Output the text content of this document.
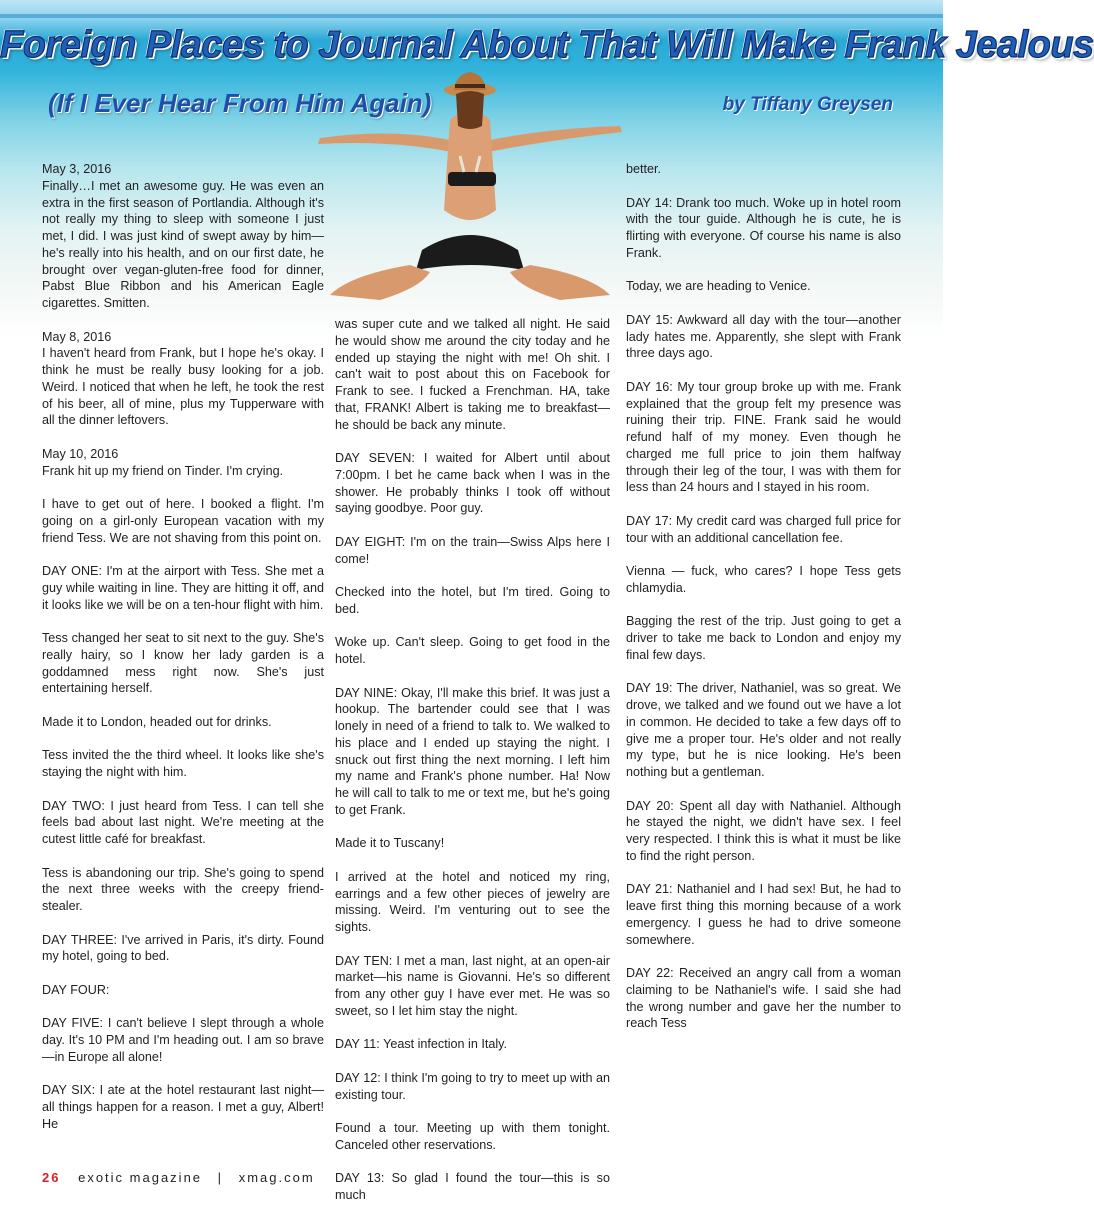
Foreign Places to Journal About That Will Make Frank Jealous
(If I Ever Hear From Him Again)	by Tiffany Greysen

May 3, 2016

Finally…I met an awesome guy. He was even an extra in the first season of Portlandia. Although it's not really my thing to sleep with someone I just met, I did. I was just kind of swept away by him—he's really into his health, and on our first date, he brought over vegan-gluten-free food for dinner, Pabst Blue Ribbon and his American Eagle cigarettes. Smitten.

May 8, 2016

I haven't heard from Frank, but I hope he's okay. I think he must be really busy looking for a job. Weird. I noticed that when he left, he took the rest of his beer, all of mine, plus my Tupperware with all the dinner leftovers.

May 10, 2016

Frank hit up my friend on Tinder. I'm crying.

I have to get out of here. I booked a flight. I'm going on a girl-only European vacation with my friend Tess. We are not shaving from this point on.

DAY ONE: I'm at the airport with Tess. She met a guy while waiting in line. They are hitting it off, and it looks like we will be on a ten-hour flight with him.

Tess changed her seat to sit next to the guy. She's really hairy, so I know her lady garden is a goddamned mess right now. She's just entertaining herself.

Made it to London, headed out for drinks.

Tess invited the the third wheel. It looks like she's staying the night with him.

DAY TWO: I just heard from Tess. I can tell she feels bad about last night. We're meeting at the cutest little café for breakfast.

Tess is abandoning our trip. She's going to spend the next three weeks with the creepy friend-stealer.

DAY THREE: I've arrived in Paris, it's dirty. Found my hotel, going to bed.

DAY FOUR:

DAY FIVE: I can't believe I slept through a whole day. It's 10 PM and I'm heading out. I am so brave—in Europe all alone!

DAY SIX: I ate at the hotel restaurant last night—all things happen for a reason. I met a guy, Albert! He

was super cute and we talked all night. He said he would show me around the city today and he ended up staying the night with me! Oh shit. I can't wait to post about this on Facebook for Frank to see. I fucked a Frenchman. HA, take that, FRANK! Albert is taking me to breakfast—he should be back any minute.

DAY SEVEN: I waited for Albert until about 7:00pm. I bet he came back when I was in the shower. He probably thinks I took off without saying goodbye. Poor guy.

DAY EIGHT: I'm on the train—Swiss Alps here I come!

Checked into the hotel, but I'm tired. Going to bed.

Woke up. Can't sleep. Going to get food in the hotel.

DAY NINE: Okay, I'll make this brief. It was just a hookup. The bartender could see that I was lonely in need of a friend to talk to. We walked to his place and I ended up staying the night. I snuck out first thing the next morning. I left him my name and Frank's phone number. Ha! Now he will call to talk to me or text me, but he's going to get Frank.

Made it to Tuscany!

I arrived at the hotel and noticed my ring, earrings and a few other pieces of jewelry are missing. Weird. I'm venturing out to see the sights.

DAY TEN: I met a man, last night, at an open-air market—his name is Giovanni. He's so different from any other guy I have ever met. He was so sweet, so I let him stay the night.

DAY 11: Yeast infection in Italy.

DAY 12: I think I'm going to try to meet up with an existing tour.

Found a tour. Meeting up with them tonight. Canceled other reservations.

DAY 13: So glad I found the tour—this is so much

better.

DAY 14: Drank too much. Woke up in hotel room with the tour guide. Although he is cute, he is flirting with everyone. Of course his name is also Frank.

Today, we are heading to Venice.

DAY 15: Awkward all day with the tour—another lady hates me. Apparently, she slept with Frank three days ago.

DAY 16: My tour group broke up with me. Frank explained that the group felt my presence was ruining their trip. FINE. Frank said he would refund half of my money. Even though he charged me full price to join them halfway through their leg of the tour, I was with them for less than 24 hours and I stayed in his room.

DAY 17: My credit card was charged full price for tour with an additional cancellation fee.

Vienna — fuck, who cares? I hope Tess gets chlamydia.

Bagging the rest of the trip. Just going to get a driver to take me back to London and enjoy my final few days.

DAY 19: The driver, Nathaniel, was so great. We drove, we talked and we found out we have a lot in common. He decided to take a few days off to give me a proper tour. He's older and not really my type, but he is nice looking. He's been nothing but a gentleman.

DAY 20: Spent all day with Nathaniel. Although he stayed the night, we didn't have sex. I feel very respected. I think this is what it must be like to find the right person.

DAY 21: Nathaniel and I had sex! But, he had to leave first thing this morning because of a work emergency. I guess he had to drive someone somewhere.

DAY 22: Received an angry call from a woman claiming to be Nathaniel's wife. I said she had the wrong number and gave her the number to reach Tess

26 exotic magazine | xmag.com
